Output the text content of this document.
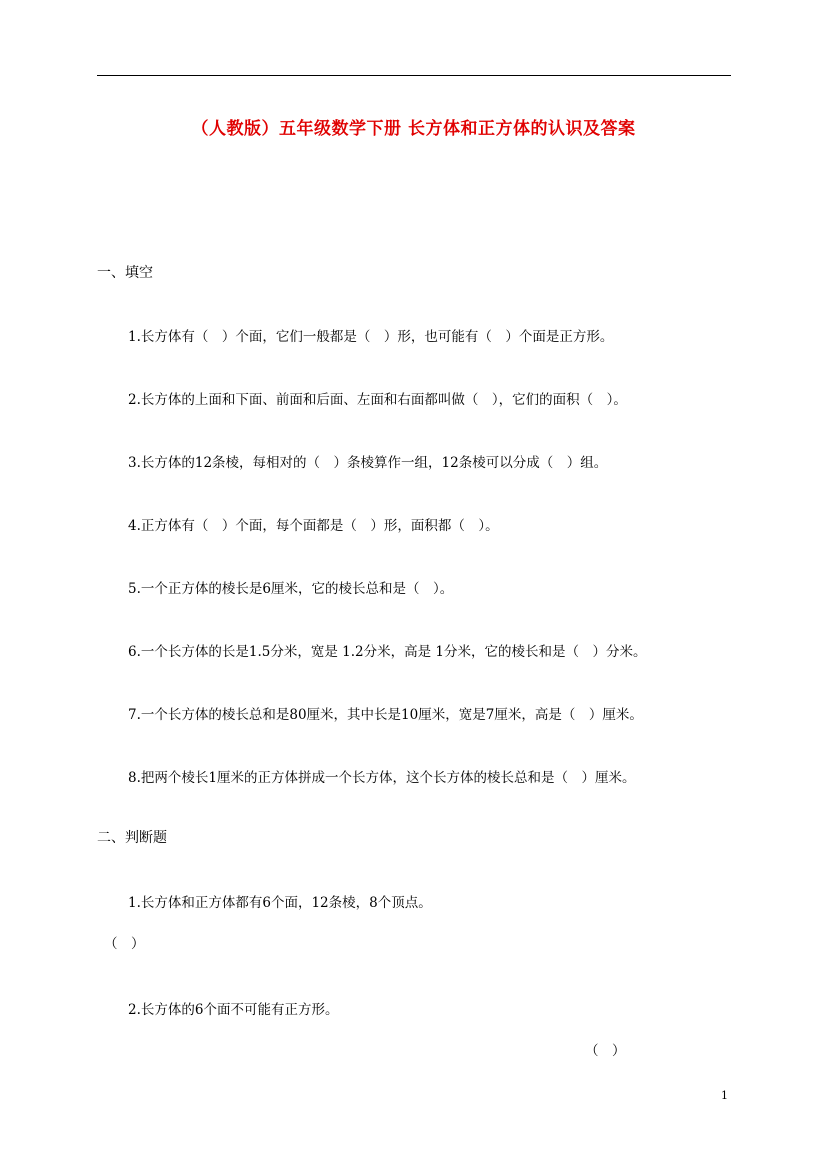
（人教版）五年级数学下册 长方体和正方体的认识及答案
一、填空
1.长方体有（　）个面，它们一般都是（　）形，也可能有（　）个面是正方形。
2.长方体的上面和下面、前面和后面、左面和右面都叫做（　），它们的面积（　）。
3.长方体的12条棱，每相对的（　）条棱算作一组，12条棱可以分成（　）组。
4.正方体有（　）个面，每个面都是（　）形，面积都（　）。
5.一个正方体的棱长是6厘米，它的棱长总和是（　）。
6.一个长方体的长是1.5分米，宽是 1.2分米，高是 1分米，它的棱长和是（　）分米。
7.一个长方体的棱长总和是80厘米，其中长是10厘米，宽是7厘米，高是（　）厘米。
8.把两个棱长1厘米的正方体拼成一个长方体，这个长方体的棱长总和是（　）厘米。
二、判断题
1.长方体和正方体都有6个面，12条棱，8个顶点。
（　）
2.长方体的6个面不可能有正方形。
（　）
1
